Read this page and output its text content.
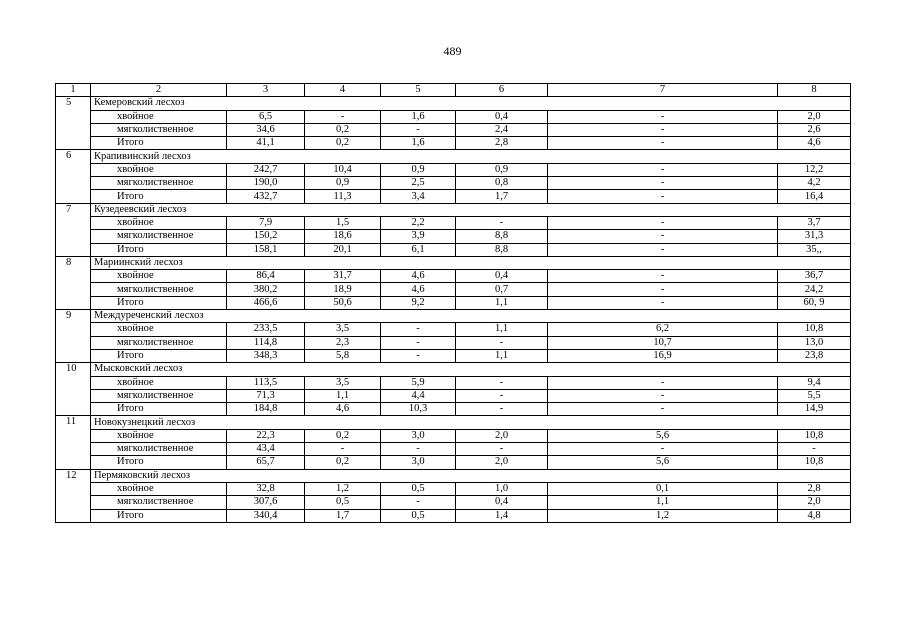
489
1	2	3	4	5	6	7	8
5	Кемеровский лесхоз						
	хвойное	6,5	-	1,6	0,4	-	2,0
	мягколиственное	34,6	0,2	-	2,4	-	2,6
	Итого	41,1	0,2	1,6	2,8	-	4,6
6	Крапивинский лесхоз						
	хвойное	242,7	10,4	0,9	0,9	-	12,2
	мягколиственное	190,0	0,9	2,5	0,8	-	4,2
	Итого	432,7	11,3	3,4	1,7	-	16,4
7	Кузедеевский лесхоз						
	хвойное	7,9	1,5	2,2	-	-	3,7
	мягколиственное	150,2	18,6	3,9	8,8	-	31,3
	Итого	158,1	20,1	6,1	8,8	-	35,,
8	Мариинский лесхоз						
	хвойное	86,4	31,7	4,6	0,4	-	36,7
	мягколиственное	380,2	18,9	4,6	0,7	-	24,2
	Итого	466,6	50,6	9,2	1,1	-	60, 9
9	Междуреченский лесхоз						
	хвойное	233,5	3,5	-	1,1	6,2	10,8
	мягколиственное	114,8	2,3	-	-	10,7	13,0
	Итого	348,3	5,8	-	1,1	16,9	23,8
10	Мысковский лесхоз						
	хвойное	113,5	3,5	5,9	-	-	9,4
	мягколиственное	71,3	1,1	4,4	-	-	5,5
	Итого	184,8	4,6	10,3	-	-	14,9
11	Новокузнецкий лесхоз						
	хвойное	22,3	0,2	3,0	2,0	5,6	10,8
	мягколиственное	43,4	-	-	-	-	-
	Итого	65,7	0,2	3,0	2,0	5,6	10,8
12	Пермяковский лесхоз						
	хвойное	32,8	1,2	0,5	1,0	0,1	2,8
	мягколиственное	307,6	0,5	-	0,4	1,1	2,0
	Итого	340,4	1,7	0,5	1,4	1,2	4,8
